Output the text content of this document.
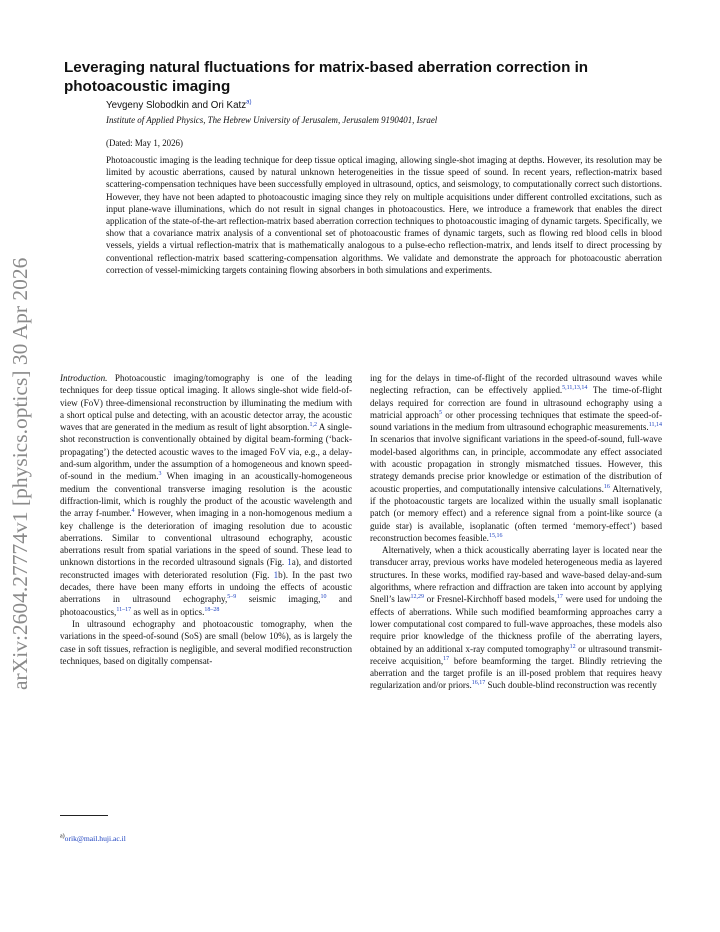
arXiv:2604.27774v1 [physics.optics] 30 Apr 2026
Leveraging natural fluctuations for matrix-based aberration correction in photoacoustic imaging
Yevgeny Slobodkin and Ori Katz$^{a)}$
Institute of Applied Physics, The Hebrew University of Jerusalem, Jerusalem 9190401, Israel
(Dated: May 1, 2026)

Photoacoustic imaging is the leading technique for deep tissue optical imaging, allowing single-shot imaging at depths. However, its resolution may be limited by acoustic aberrations, caused by natural unknown heterogeneities in the tissue speed of sound. In recent years, reflection-matrix based scattering-compensation techniques have been successfully employed in ultrasound, optics, and seismology, to computationally correct such distortions. However, they have not been adapted to photoacoustic imaging since they rely on multiple acquisitions under different controlled excitations, such as input plane-wave illuminations, which do not result in signal changes in photoacoustics. Here, we introduce a framework that enables the direct application of the state-of-the-art reflection-matrix based aberration correction techniques to photoacoustic imaging of dynamic targets. Specifically, we show that a covariance matrix analysis of a conventional set of photoacoustic frames of dynamic targets, such as flowing red blood cells in blood vessels, yields a virtual reflection-matrix that is mathematically analogous to a pulse-echo reflection-matrix, and lends itself to direct processing by conventional reflection-matrix based scattering-compensation algorithms. We validate and demonstrate the approach for photoacoustic aberration correction of vessel-mimicking targets containing flowing absorbers in both simulations and experiments.

Introduction. Photoacoustic imaging/tomography is one of the leading techniques for deep tissue optical imaging. It allows single-shot wide field-of-view (FoV) three-dimensional reconstruction by illuminating the medium with a short optical pulse and detecting, with an acoustic detector array, the acoustic waves that are generated in the medium as result of light absorption.$^{1,2}$ A single-shot reconstruction is conventionally obtained by digital beam-forming (‘back-propagating’) the detected acoustic waves to the imaged FoV via, e.g., a delay-and-sum algorithm, under the assumption of a homogeneous and known speed-of-sound in the medium.$^3$ When imaging in an acoustically-homogeneous medium the conventional transverse imaging resolution is the acoustic diffraction-limit, which is roughly the product of the acoustic wavelength and the array f-number.$^4$ However, when imaging in a non-homogenous medium a key challenge is the deterioration of imaging resolution due to acoustic aberrations. Similar to conventional ultrasound echography, acoustic aberrations result from spatial variations in the speed of sound. These lead to unknown distortions in the recorded ultrasound signals (Fig. 1a), and distorted reconstructed images with deteriorated resolution (Fig. 1b). In the past two decades, there have been many efforts in undoing the effects of acoustic aberrations in ultrasound echography,$^{5-9}$ seismic imaging,$^{10}$ and photoacoustics,$^{11-17}$ as well as in optics.$^{18-28}$

In ultrasound echography and photoacoustic tomography, when the variations in the speed-of-sound (SoS) are small (below 10%), as is largely the case in soft tissues, refraction is negligible, and several modified reconstruction techniques, based on digitally compensat-

ing for the delays in time-of-flight of the recorded ultrasound waves while neglecting refraction, can be effectively applied.$^{5,11,13,14}$ The time-of-flight delays required for correction are found in ultrasound echography using a matricial approach$^5$ or other processing techniques that estimate the speed-of-sound variations in the medium from ultrasound echographic measurements.$^{11,14}$ In scenarios that involve significant variations in the speed-of-sound, full-wave model-based algorithms can, in principle, accommodate any effect associated with acoustic propagation in strongly mismatched tissues. However, this strategy demands precise prior knowledge or estimation of the distribution of acoustic properties, and computationally intensive calculations.$^{16}$ Alternatively, if the photoacoustic targets are localized within the usually small isoplanatic patch (or memory effect) and a reference signal from a point-like source (a guide star) is available, isoplanatic (often termed ‘memory-effect’) based reconstruction becomes feasible.$^{15,16}$

Alternatively, when a thick acoustically aberrating layer is located near the transducer array, previous works have modeled heterogeneous media as layered structures. In these works, modified ray-based and wave-based delay-and-sum algorithms, where refraction and diffraction are taken into account by applying Snell’s law$^{12,29}$ or Fresnel-Kirchhoff based models,$^{17}$ were used for undoing the effects of aberrations. While such modified beamforming approaches carry a lower computational cost compared to full-wave approaches, these models also require prior knowledge of the thickness profile of the aberrating layers, obtained by an additional x-ray computed tomography$^{12}$ or ultrasound transmit-receive acquisition,$^{17}$ before beamforming the target. Blindly retrieving the aberration and the target profile is an ill-posed problem that requires heavy regularization and/or priors.$^{16,17}$ Such double-blind reconstruction was recently

$^{a)}$orik@mail.huji.ac.il
